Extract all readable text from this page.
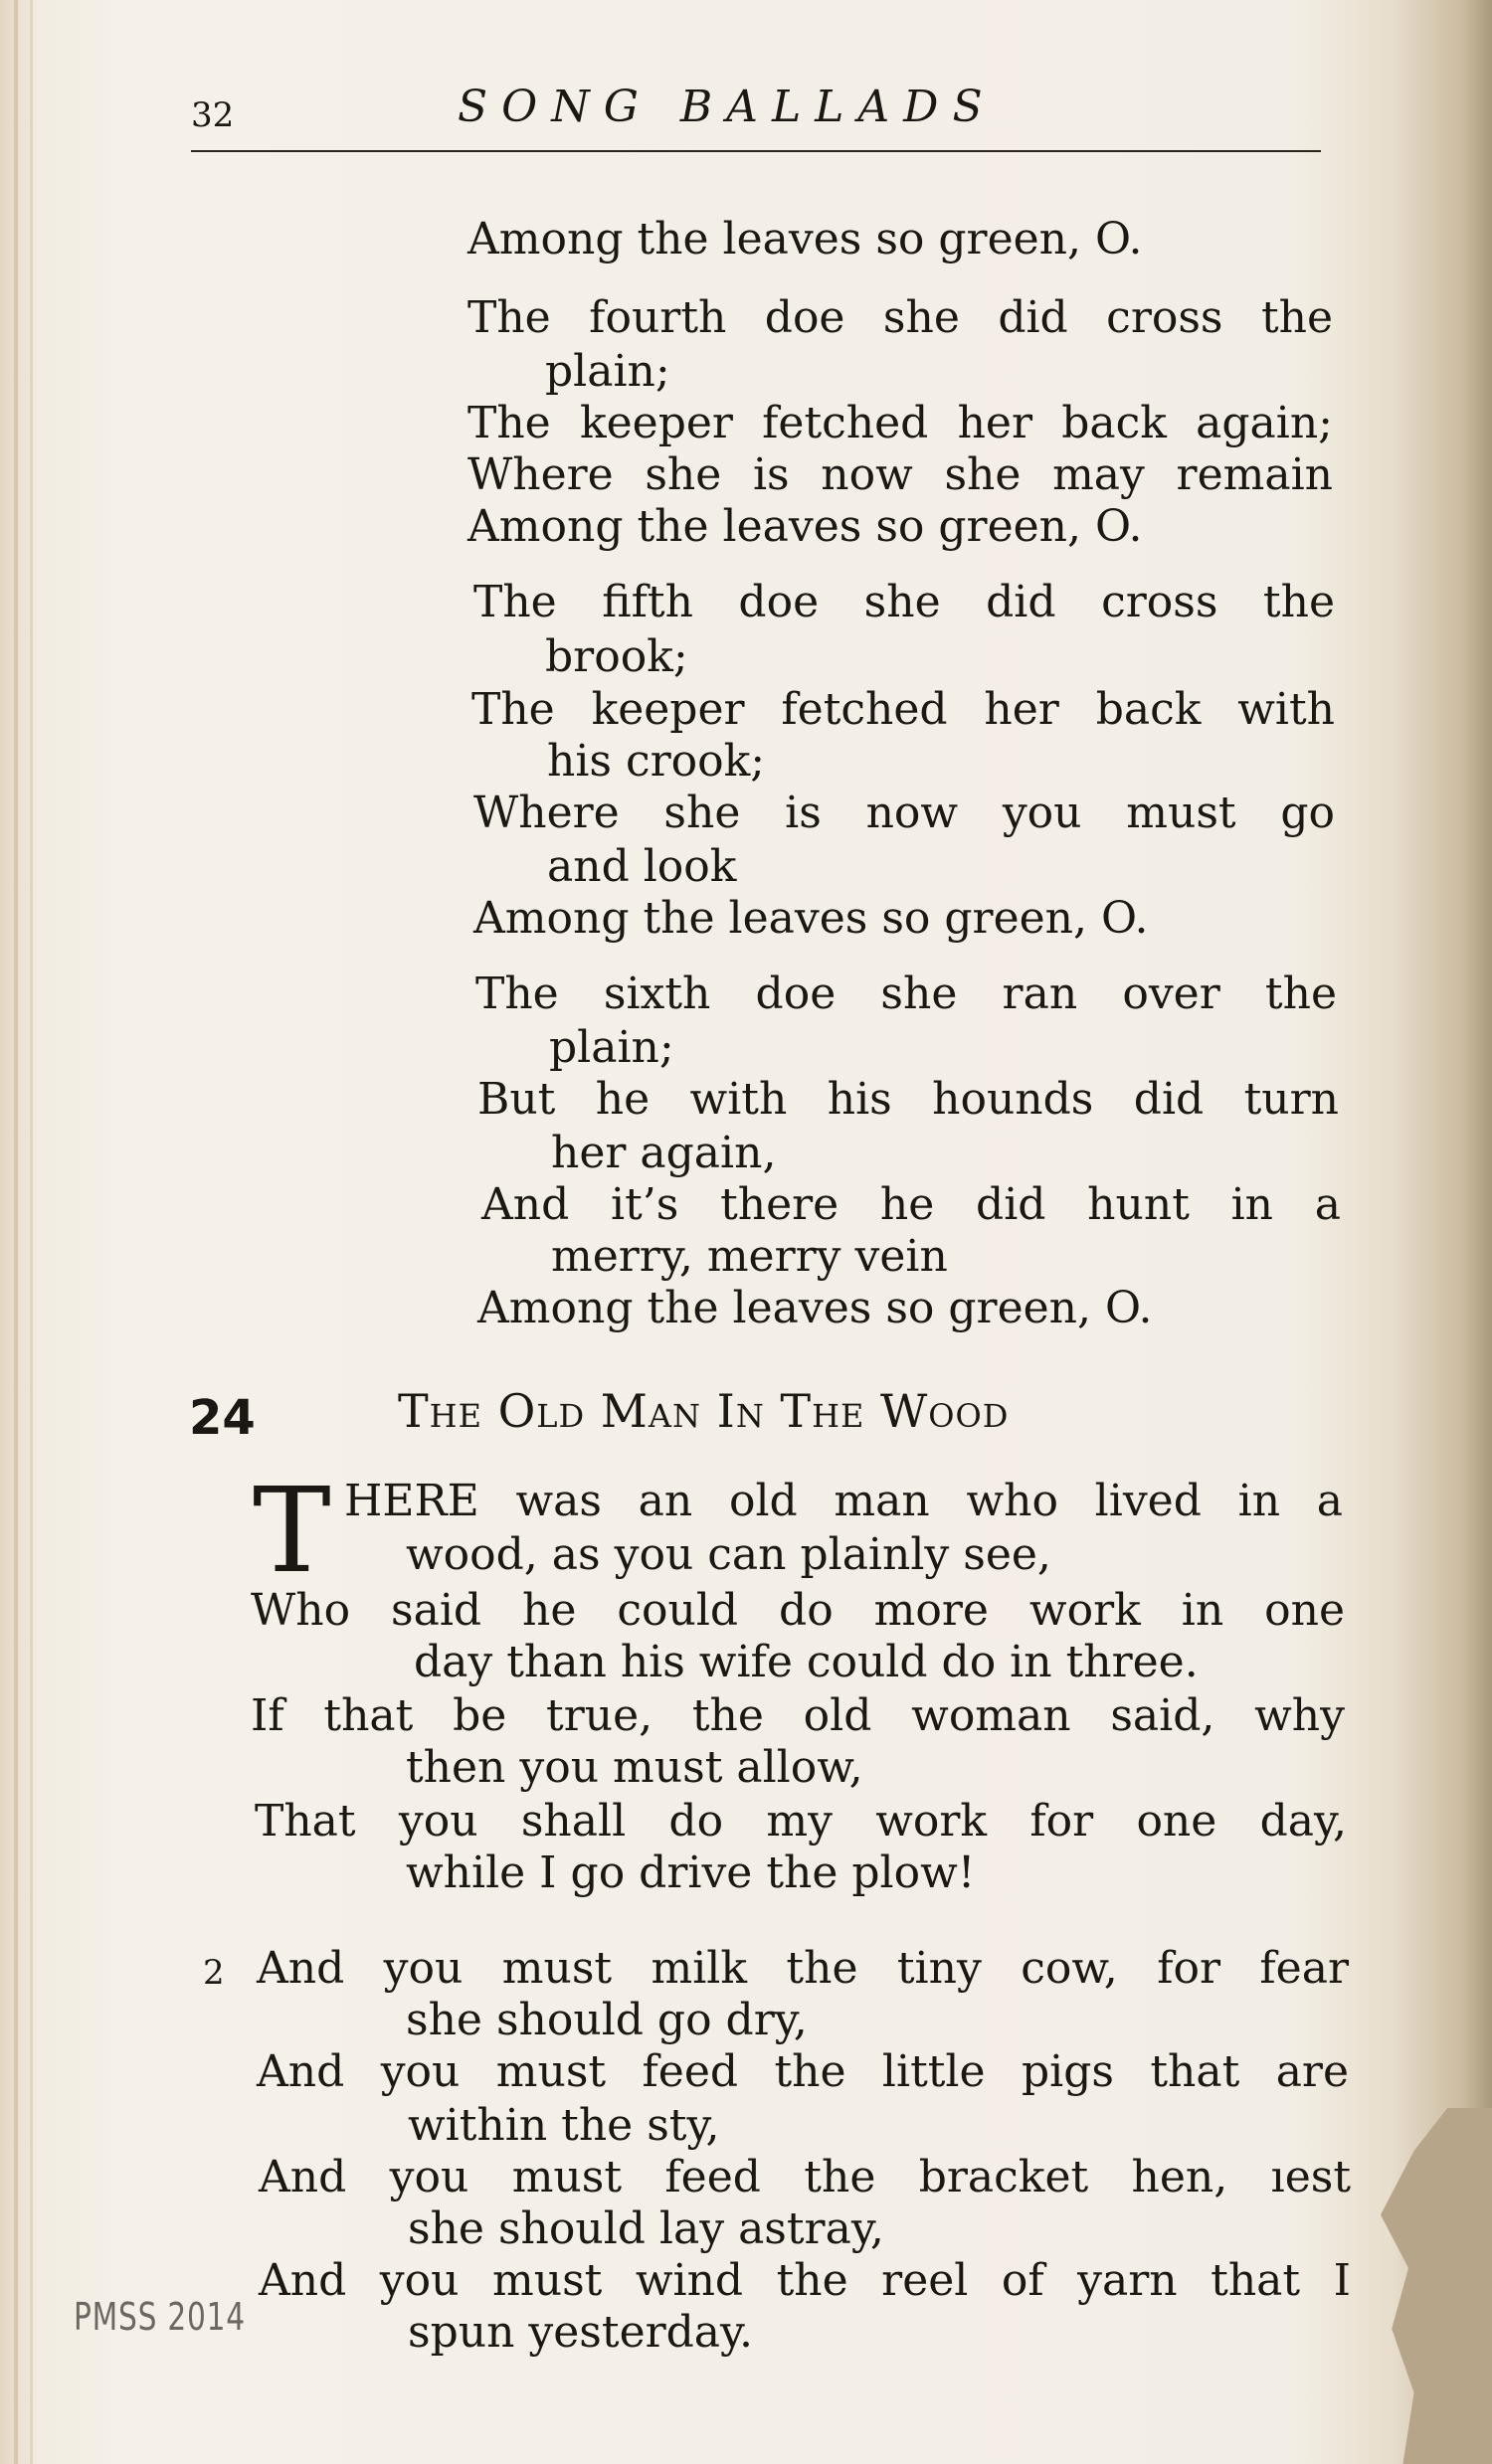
32	SONG BALLADS
Among the leaves so green, O.
The fourth doe she did cross the
plain;
The keeper fetched her back again;
Where she is now she may remain
Among the leaves so green, O.
The fifth doe she did cross the
brook;
The keeper fetched her back with
his crook;
Where she is now you must go
and look
Among the leaves so green, O.
The sixth doe she ran over the
plain;
But he with his hounds did turn
her again,
And it’s there he did hunt in a
merry, merry vein
Among the leaves so green, O.
24	The Old Man In The Wood
T HERE was an old man who lived in a
wood, as you can plainly see,
Who said he could do more work in one
day than his wife could do in three.
If that be true, the old woman said, why
then you must allow,
That you shall do my work for one day,
while I go drive the plow!
2 And you must milk the tiny cow, for fear
she should go dry,
And you must feed the little pigs that are
within the sty,
And you must feed the bracket hen, ıest
she should lay astray,
And you must wind the reel of yarn that I
spun yesterday.
PMSS 2014
